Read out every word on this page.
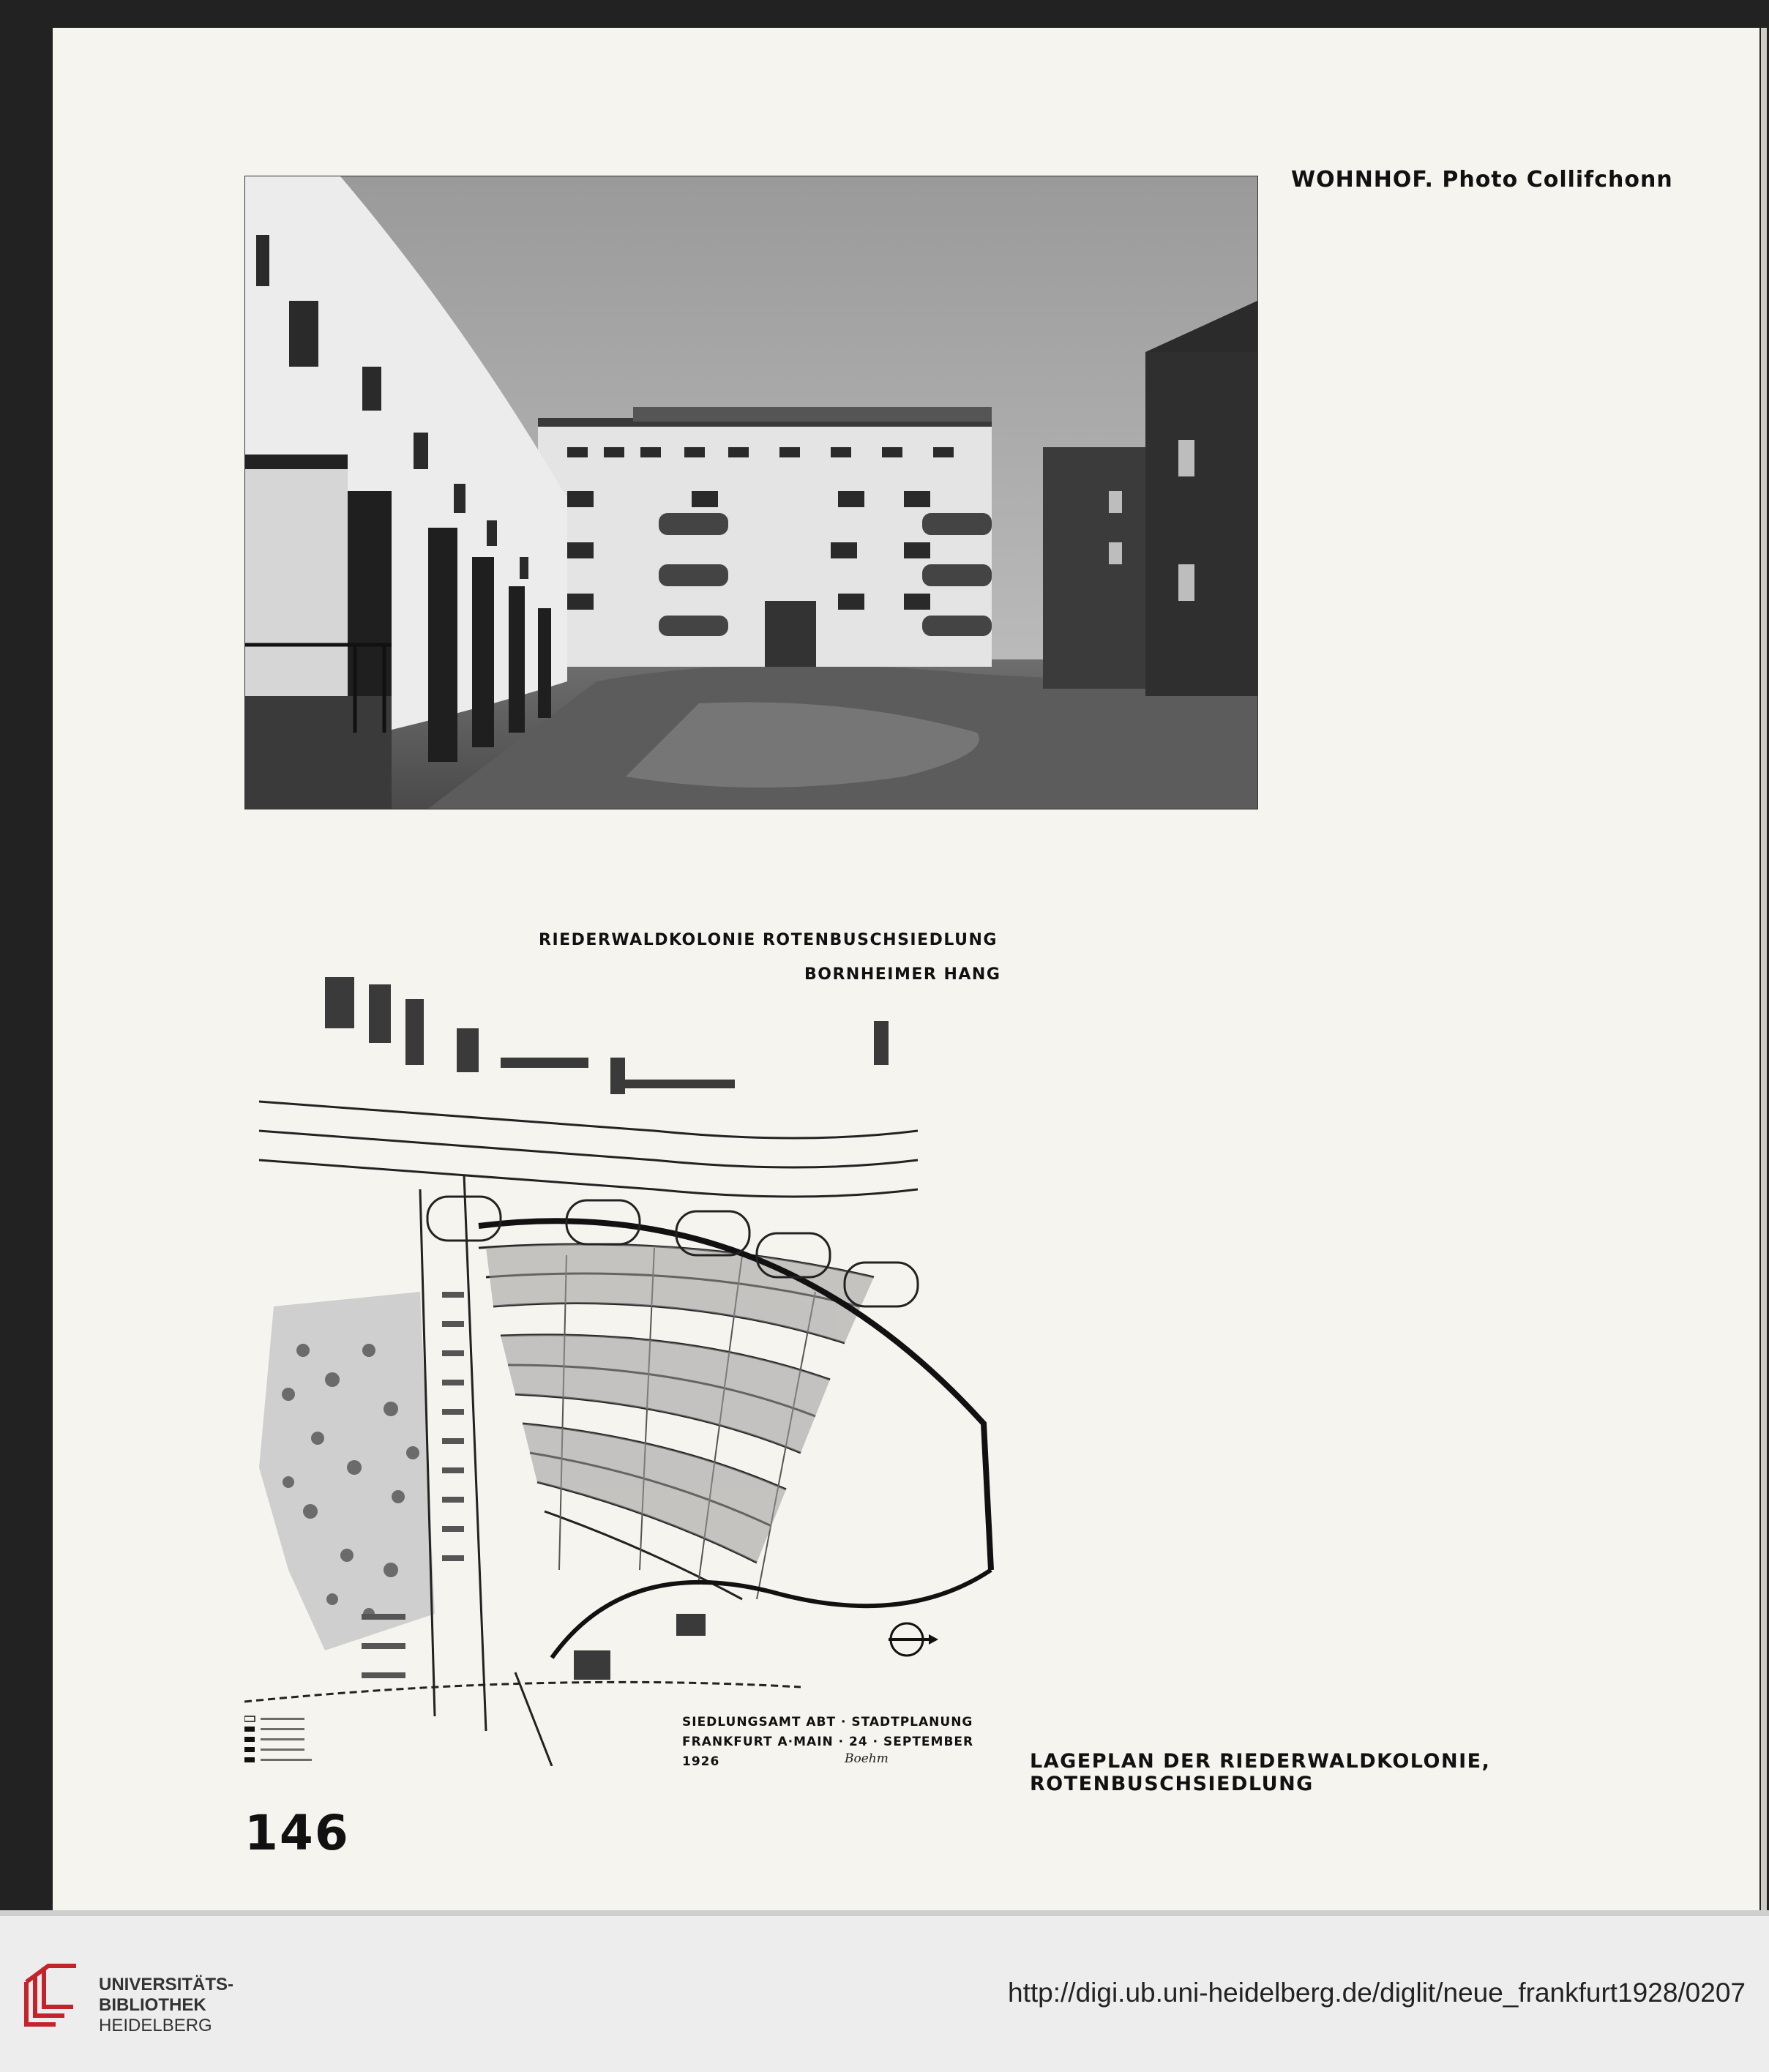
WOHNHOF. Photo Collifchonn
RIEDERWALDKOLONIE ROTENBUSCHSIEDLUNG
BORNHEIMER HANG
SIEDLUNGSAMT ABT · STADTPLANUNG
FRANKFURT A·MAIN · 24 · SEPTEMBER 1926	Boehm	LAGEPLAN DER RIEDERWALDKOLONIE, ROTENBUSCHSIEDLUNG
146
UNIVERSITÄTS-
BIBLIOTHEK
HEIDELBERG
http://digi.ub.uni-heidelberg.de/diglit/neue_frankfurt1928/0207
